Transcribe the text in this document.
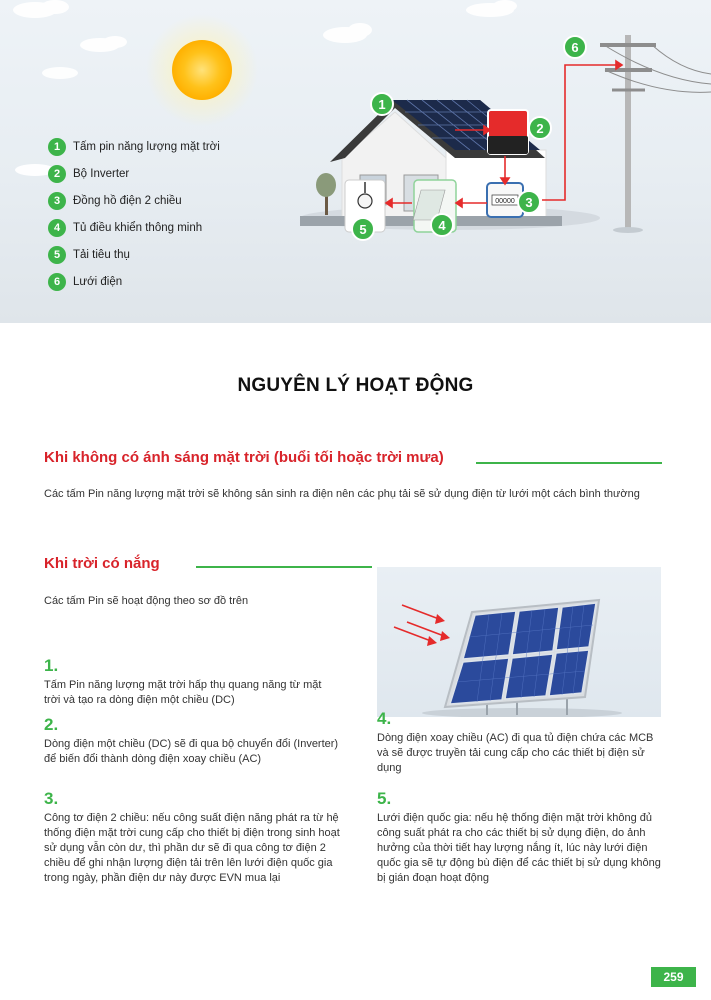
00000
1
2
3
4
5
6
1	Tấm pin năng lượng mặt trời
2	Bộ Inverter
3	Đồng hồ điện 2 chiều
4	Tủ điều khiển thông minh
5	Tải tiêu thụ
6	Lưới điện
NGUYÊN LÝ HOẠT ĐỘNG
Khi không có ánh sáng mặt trời (buổi tối hoặc trời mưa)
Các tấm Pin năng lượng mặt trời sẽ không sản sinh ra điện nên các phụ tải sẽ sử dụng điện từ lưới một cách bình thường
Khi trời có nắng
Các tấm Pin sẽ hoạt động theo sơ đồ trên
1.
Tấm Pin năng lượng mặt trời hấp thụ quang năng từ mặt trời và tạo ra dòng điện một chiều (DC)
2.
Dòng điện một chiều (DC) sẽ đi qua bộ chuyển đổi (Inverter) để biến đổi thành dòng điện xoay chiều (AC)
3.
Công tơ điện 2 chiều: nếu công suất điện năng phát ra từ hệ thống điện mặt trời cung cấp cho thiết bị điện trong sinh hoạt sử dụng vẫn còn dư, thì phần dư sẽ đi qua công tơ điện 2 chiều để ghi nhận lượng điện tải trên lên lưới điện quốc gia trong ngày, phần điện dư này được EVN mua lại
4.
Dòng điện xoay chiều (AC) đi qua tủ điện chứa các MCB và sẽ được truyền tải cung cấp cho các thiết bị điện sử dụng
5.
Lưới điện quốc gia: nếu hệ thống điện mặt trời không đủ công suất phát ra cho các thiết bị sử dụng điện, do ảnh hưởng của thời tiết hay lượng nắng ít, lúc này lưới điện quốc gia sẽ tự động bù điện để các thiết bị sử dụng không bị gián đoạn hoạt động
259
